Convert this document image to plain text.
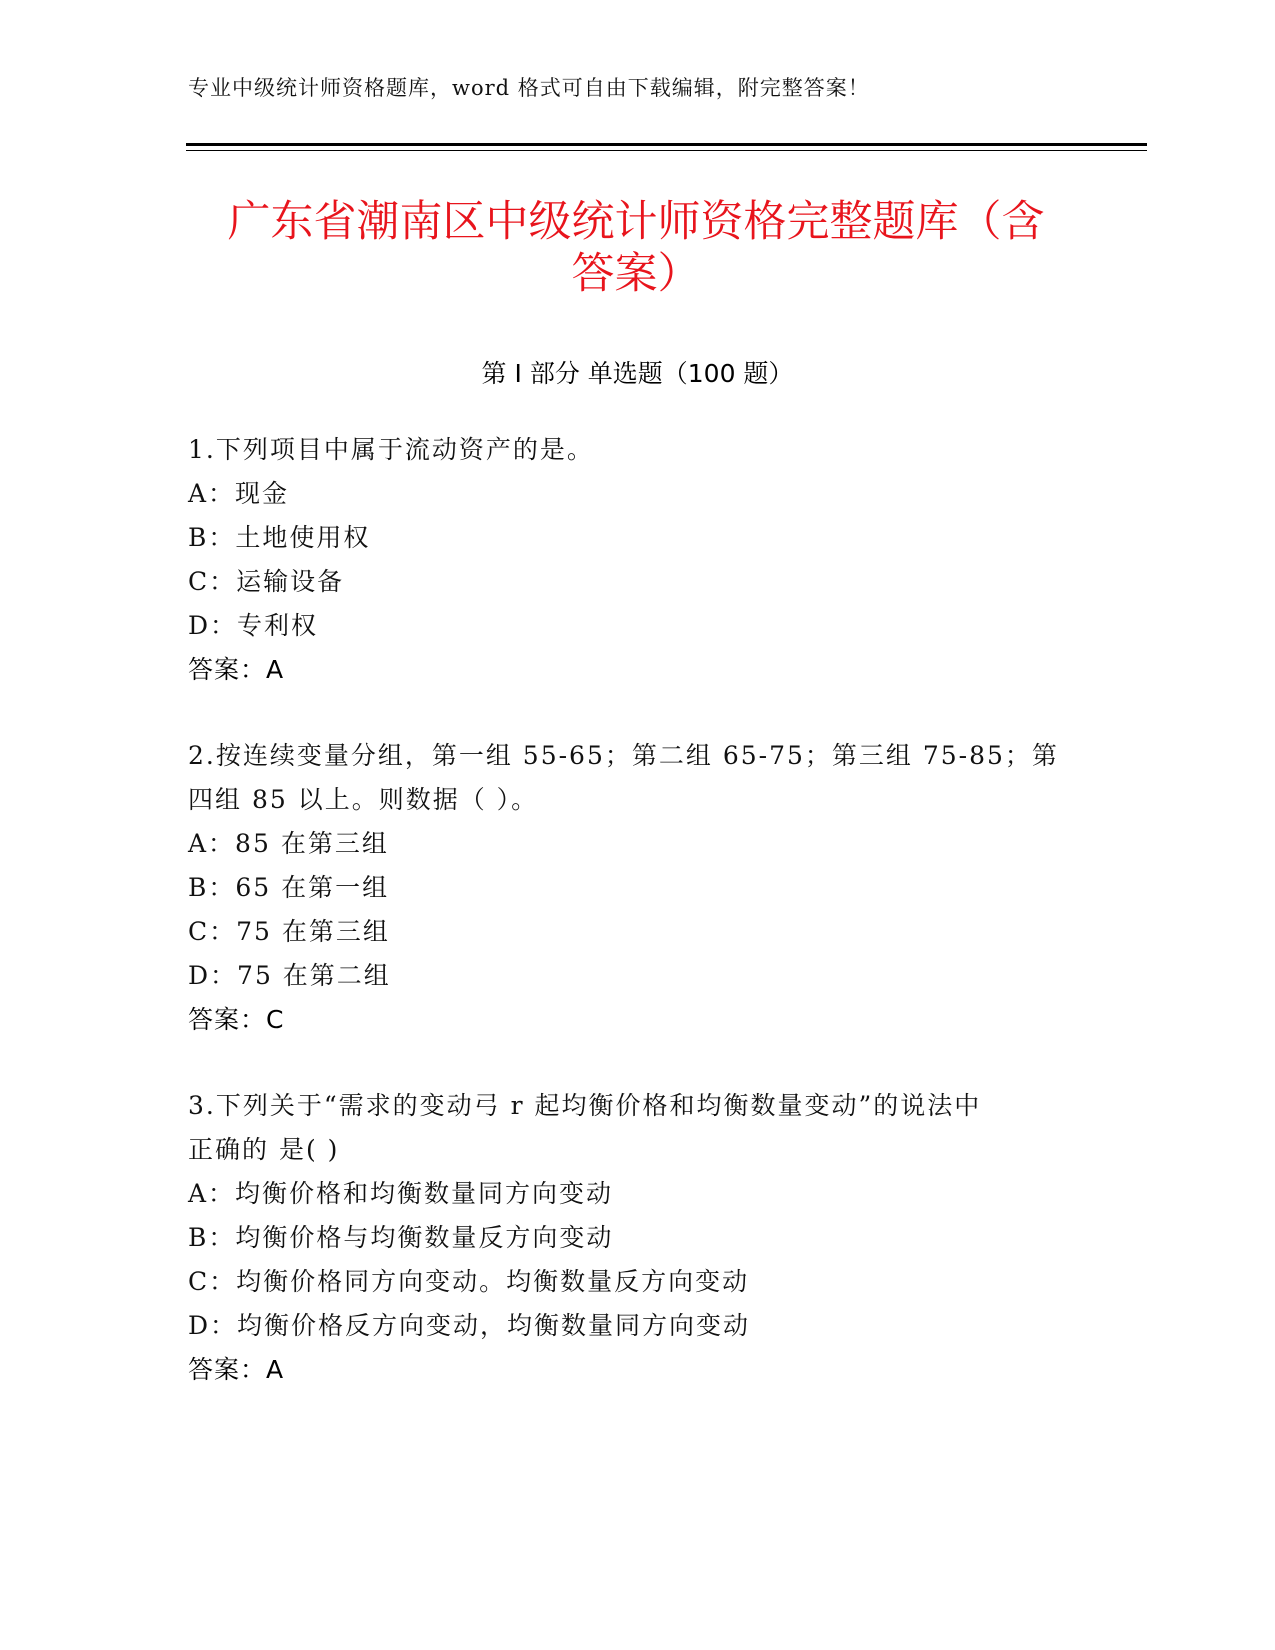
专业中级统计师资格题库，word 格式可自由下载编辑，附完整答案！
广东省潮南区中级统计师资格完整题库（含
答案）
第 I 部分 单选题（100 题）
1.下列项目中属于流动资产的是。
A：现金
B：土地使用权
C：运输设备
D：专利权
答案：A
2.按连续变量分组，第一组 55-65；第二组 65-75；第三组 75-85；第
四组 85 以上。则数据（ ）。
A：85 在第三组
B：65 在第一组
C：75 在第三组
D：75 在第二组
答案：C
3.下列关于“需求的变动弓 r 起均衡价格和均衡数量变动”的说法中
正确的 是( )
A：均衡价格和均衡数量同方向变动
B：均衡价格与均衡数量反方向变动
C：均衡价格同方向变动。均衡数量反方向变动
D：均衡价格反方向变动，均衡数量同方向变动
答案：A
